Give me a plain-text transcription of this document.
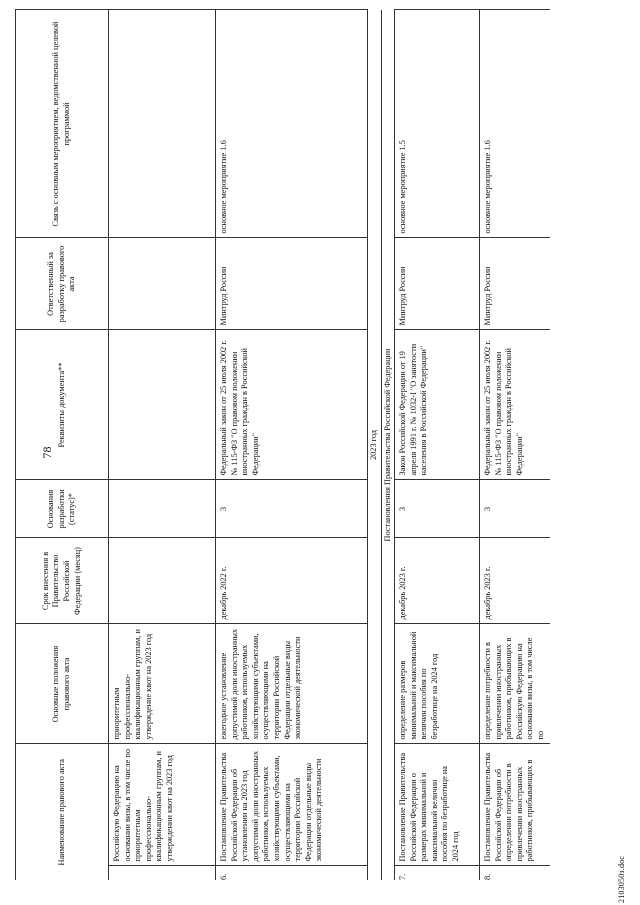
78
Наименование правового акта		Основные положения правового акта	Срок внесения в Правительство Российской Федерации (месяц)	Основания разработки (статус)*	Реквизиты документа**	Ответственный за разработку правового акта	Связь с основным мероприятием, ведомственной целевой программой
	Российскую Федерацию на основании визы, в том числе по приоритетным профессионально-квалификационным группам, и утверждении квот на 2023 год	приоритетным профессионально-квалификационным группам, и утверждение квот на 2023 год					
6.	Постановление Правительства Российской Федерации об установлении на 2023 год допустимой доли иностранных работников, используемых хозяйствующими субъектами, осуществляющими на территории Российской Федерации отдельные виды экономической деятельности	ежегодное установление допустимой доли иностранных работников, используемых хозяйствующими субъектами, осуществляющими на территории Российской Федерации отдельные виды экономической деятельности	декабрь 2022 г.	3	Федеральный закон от 25 июля 2002 г. № 115-ФЗ "О правовом положении иностранных граждан в Российской Федерации"	Минтруд России	основное мероприятие 1.6
2023 год							
Постановления Правительства Российской Федерации							
7.	Постановление Правительства Российской Федерации о размерах минимальной и максимальной величин пособия по безработице на 2024 год	определение размеров минимальной и максимальной величин пособия по безработице на 2024 год	декабрь 2023 г.	3	Закон Российской Федерации от 19 апреля 1991 г. № 1032-I "О занятости населения в Российской Федерации"	Минтруд России	основное мероприятие 1.5
8.	Постановление Правительства Российской Федерации об определении потребности в привлечении иностранных работников, прибывающих в	определение потребности в привлечении иностранных работников, прибывающих в Российскую Федерацию на основании визы, в том числе по	декабрь 2023 г.	3	Федеральный закон от 25 июля 2002 г. № 115-ФЗ "О правовом положении иностранных граждан в Российской Федерации"	Минтруд России	основное мероприятие 1.6
2103050з.doc
